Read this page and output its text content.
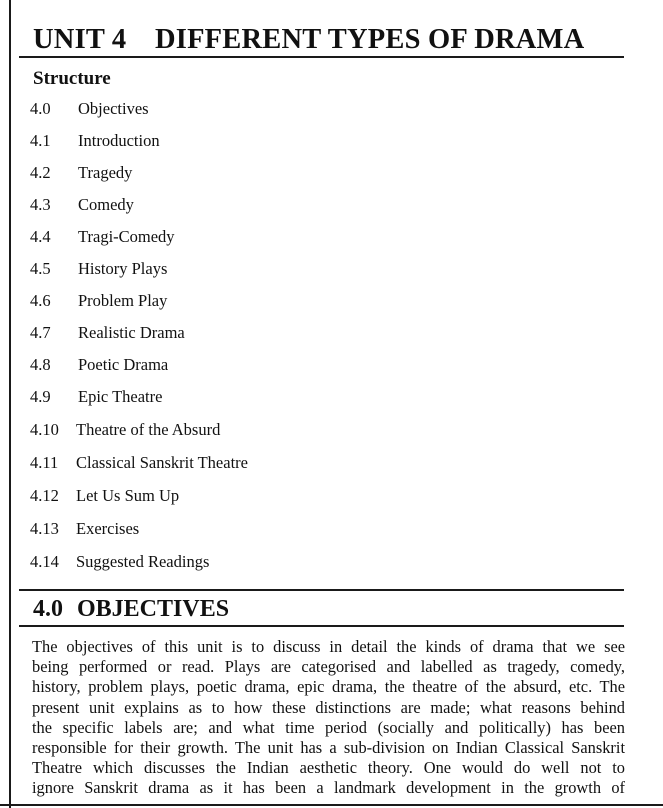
UNIT 4 DIFFERENT TYPES OF DRAMA
Structure
4.0 Objectives
4.1 Introduction
4.2 Tragedy
4.3 Comedy
4.4 Tragi-Comedy
4.5 History Plays
4.6 Problem Play
4.7 Realistic Drama
4.8 Poetic Drama
4.9 Epic Theatre
4.10 Theatre of the Absurd
4.11 Classical Sanskrit Theatre
4.12 Let Us Sum Up
4.13 Exercises
4.14 Suggested Readings
4.0 OBJECTIVES

The objectives of this unit is to discuss in detail the kinds of drama that we see
being performed or read. Plays are categorised and labelled as tragedy, comedy,
history, problem plays, poetic drama, epic drama, the theatre of the absurd, etc. The
present unit explains as to how these distinctions are made; what reasons behind
the specific labels are; and what time period (socially and politically) has been
responsible for their growth. The unit has a sub-division on Indian Classical Sanskrit
Theatre which discusses the Indian aesthetic theory. One would do well not to
ignore Sanskrit drama as it has been a landmark development in the growth of
